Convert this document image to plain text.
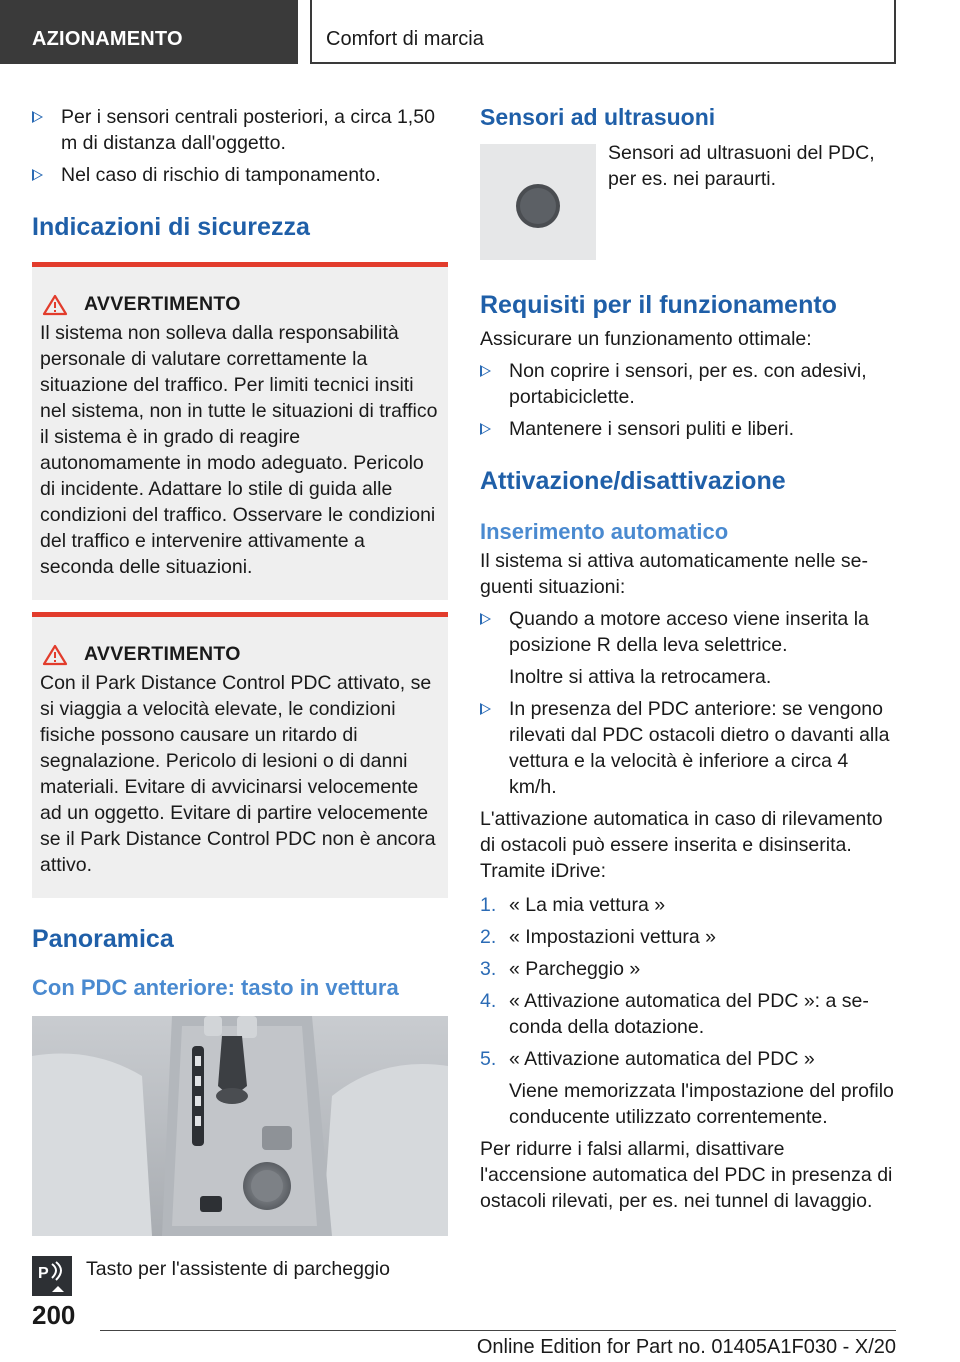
AZIONAMENTO	Comfort di marcia
Per i sensori centrali posteriori, a circa 1,50 m di distanza dall'oggetto.
Nel caso di rischio di tamponamento.
Indicazioni di sicurezza
AVVERTIMENTO

Il sistema non solleva dalla responsabilità personale di valutare correttamente la situazione del traffico. Per limiti tecnici insiti nel sistema, non in tutte le situazioni di traffico il sistema è in grado di reagire autonomamente in modo adeguato. Pericolo di incidente. Adattare lo stile di guida alle condizioni del traffico. Osservare le condizioni del traffico e intervenire attivamente a seconda delle situazioni.

AVVERTIMENTO

Con il Park Distance Control PDC attivato, se si viaggia a velocità elevate, le condizioni fisiche possono causare un ritardo di segnalazione. Pericolo di lesioni o di danni materiali. Evitare di avvicinarsi velocemente ad un oggetto. Evitare di partire velocemente se il Park Distance Control PDC non è ancora attivo.

Panoramica
Con PDC anteriore: tasto in vettura
P Tasto per l'assistente di parcheggio
Sensori ad ultrasuoni

Sensori ad ultrasuoni del PDC, per es. nei paraurti.

Requisiti per il funzionamento

Assicurare un funzionamento ottimale:

Non coprire i sensori, per es. con adesivi, portabiciclette.
Mantenere i sensori puliti e liberi.
Attivazione/disattivazione
Inserimento automatico

Il sistema si attiva automaticamente nelle seguenti situazioni:

Quando a motore acceso viene inserita la posizione R della leva selettrice.

Inoltre si attiva la retrocamera.

In presenza del PDC anteriore: se vengono rilevati dal PDC ostacoli dietro o davanti alla vettura e la velocità è inferiore a circa 4 km/h.

L'attivazione automatica in caso di rilevamento di ostacoli può essere inserita e disinserita. Tramite iDrive:

1. « La mia vettura »
2. « Impostazioni vettura »
3. « Parcheggio »
4. « Attivazione automatica del PDC »: a seconda della dotazione.
5. « Attivazione automatica del PDC »

Viene memorizzata l'impostazione del profilo conducente utilizzato correntemente.

Per ridurre i falsi allarmi, disattivare l'accensione automatica del PDC in presenza di ostacoli rilevati, per es. nei tunnel di lavaggio.

200
Online Edition for Part no. 01405A1F030 - X/20
